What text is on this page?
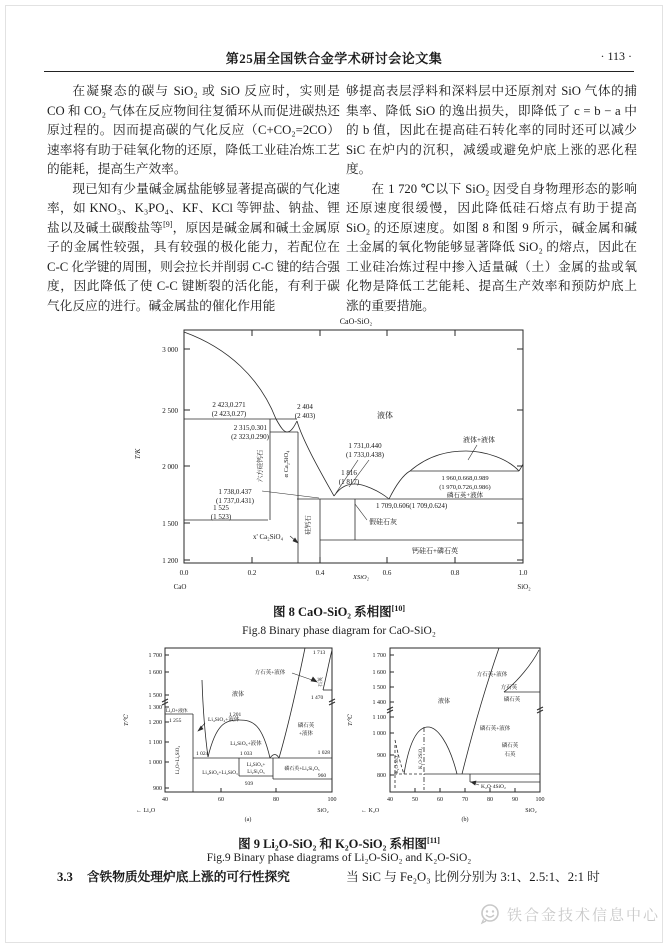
第25届全国铁合金学术研讨会论文集	· 113 ·

在凝聚态的碳与 SiO₂ 或 SiO 反应时，实则是 CO 和 CO₂ 气体在反应物间往复循环从而促进碳热还原过程的。因而提高碳的气化反应（C+CO₂=2CO）速率将有助于硅氧化物的还原，降低工业硅冶炼工艺的能耗，提高生产效率。

现已知有少量碱金属盐能够显著提高碳的气化速率，如 KNO₃、K₃PO₄、KF、KCl 等钾盐、钠盐、锂盐以及碱土碳酸盐等[9]，原因是碱金属和碱土金属原子的金属性较强，具有较强的极化能力，若配位在 C-C 化学键的周围，则会拉长并削弱 C-C 键的结合强度，因此降低了使 C-C 键断裂的活化能，有利于碳气化反应的进行。碱金属盐的催化作用能

够提高表层浮料和深料层中还原剂对 SiO 气体的捕集率、降低 SiO 的逸出损失，即降低了 c = b − a 中的 b 值，因此在提高硅石转化率的同时还可以减少 SiC 在炉内的沉积，减缓或避免炉底上涨的恶化程度。

在 1 720 ℃以下 SiO₂ 因受自身物理形态的影响还原速度很缓慢，因此降低硅石熔点有助于提高 SiO₂ 的还原速度。如图 8 和图 9 所示，碱金属和碱土金属的氧化物能够显著降低 SiO₂ 的熔点，因此在工业硅冶炼过程中掺入适量碱（土）金属的盐或氧化物是降低工艺能耗、提高生产效率和预防炉底上涨的重要措施。

CaO-SiO₂
3 000
2 500
2 000
1 500
1 200
0.0	0.2	0.4	0.6	0.8	1.0
CaO	SiO₂
XSiO₂
T/K
液体
2 423,0.271
(2 423,0.27)
2 315,0.301
(2 323,0.290)
2 404
(2 403)
1 731,0.440
(1 733,0.438)
1 816
(1 817)
1 738,0.437
(1 737,0.431)
1 525
(1 523)
液体+液体
1 960,0.668,0.989
(1 970,0.726,0.986)
磷石英+液体
1 709,0.606(1 709,0.624)
假硅石灰
钙硅石+磷石英
六方硅钙石	α Ca₂SiO₄
硅钙石
x' Ca₂SiO₄
图 8 CaO-SiO₂ 系相图[10]
Fig.8 Binary phase diagram for CaO-SiO₂
1 700
1 600
1 500
1 300
1 200
1 100
1 000
900
40	60	80	100
← Li₂O	SiO₂
(a)
T/℃
液体
Li₂O+液体
1 255
Li₂O+Li₄SiO₄
Li₄SiO₄+液体
1 201
Li₂SiO₃+液体
1 024	1 033	1 028
Li₄SiO₄+Li₂SiO₃
Li₂SiO₃+
Li₂Si₂O₅
939
磷石英+Li₂Si₂O₅
960
方石英+液体
磷石英
+液体
石英
1 470
1 713	1 700
1 600
1 500
1 400
1 100
1 000
900
800
40	50	60	70	80	90	100
← K₂O	SiO₂
(b)
T/℃
液体
方石英+液体
方石英
磷石英
磷石英+液体
磷石英
石英
K₂O·SiO₂	K₂O·2SiO₂
K₂O·4SiO₂
图 9 Li₂O-SiO₂ 和 K₂O-SiO₂ 系相图[11]
Fig.9 Binary phase diagrams of Li₂O-SiO₂ and K₂O-SiO₂
3.3 含铁物质处理炉底上涨的可行性探究	当 SiC 与 Fe₂O₃ 比例分别为 3:1、2.5:1、2:1 时
铁合金技术信息中心
